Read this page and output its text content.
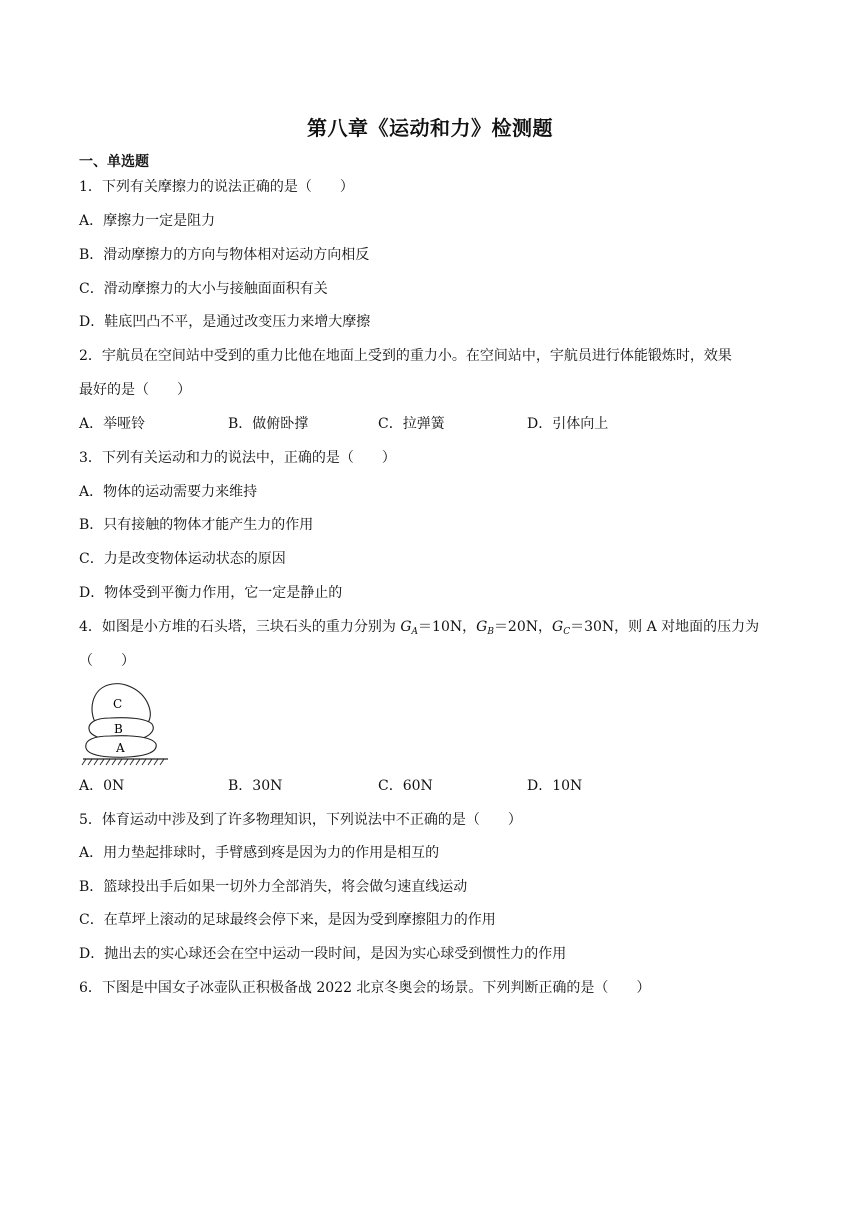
第八章《运动和力》检测题
一、单选题
1．下列有关摩擦力的说法正确的是（　　）
A．摩擦力一定是阻力
B．滑动摩擦力的方向与物体相对运动方向相反
C．滑动摩擦力的大小与接触面面积有关
D．鞋底凹凸不平，是通过改变压力来增大摩擦
2．宇航员在空间站中受到的重力比他在地面上受到的重力小。在空间站中，宇航员进行体能锻炼时，效果
最好的是（　　）
A．举哑铃	B．做俯卧撑	C．拉弹簧	D．引体向上
3．下列有关运动和力的说法中，正确的是（　　）
A．物体的运动需要力来维持
B．只有接触的物体才能产生力的作用
C．力是改变物体运动状态的原因
D．物体受到平衡力作用，它一定是静止的
4．如图是小方堆的石头塔，三块石头的重力分别为 $G_A=10N$，$G_B=20N$，$G_C=30N$，则 A 对地面的压力为
（　　）
C
B
A
A．0N	B．30N	C．60N	D．10N
5．体育运动中涉及到了许多物理知识，下列说法中不正确的是（　　）
A．用力垫起排球时，手臂感到疼是因为力的作用是相互的
B．篮球投出手后如果一切外力全部消失，将会做匀速直线运动
C．在草坪上滚动的足球最终会停下来，是因为受到摩擦阻力的作用
D．抛出去的实心球还会在空中运动一段时间，是因为实心球受到惯性力的作用
6．下图是中国女子冰壶队正积极备战 2022 北京冬奥会的场景。下列判断正确的是（　　）
